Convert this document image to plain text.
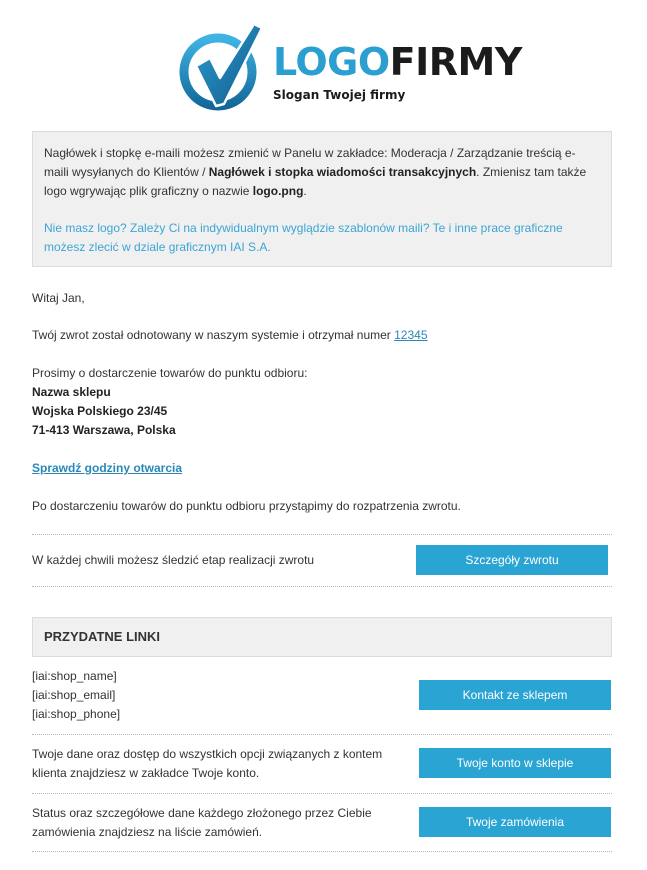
LOGOFIRMY
Slogan Twojej firmy

Nagłówek i stopkę e-maili możesz zmienić w Panelu w zakładce: Moderacja / Zarządzanie treścią e-maili wysyłanych do Klientów / Nagłówek i stopka wiadomości transakcyjnych. Zmienisz tam także logo wgrywając plik graficzny o nazwie logo.png.

Nie masz logo? Zależy Ci na indywidualnym wyglądzie szablonów maili? Te i inne prace graficzne możesz zlecić w dziale graficznym IAI S.A.

Witaj Jan,
Twój zwrot został odnotowany w naszym systemie i otrzymał numer 12345
Prosimy o dostarczenie towarów do punktu odbioru:
Nazwa sklepu
Wojska Polskiego 23/45
71-413 Warszawa, Polska
Sprawdź godziny otwarcia
Po dostarczeniu towarów do punktu odbioru przystąpimy do rozpatrzenia zwrotu.
W każdej chwili możesz śledzić etap realizacji zwrotu	Szczegóły zwrotu
PRZYDATNE LINKI
[iai:shop_name]
[iai:shop_email]
[iai:shop_phone]
Kontakt ze sklepem
Twoje dane oraz dostęp do wszystkich opcji związanych z kontem klienta znajdziesz w zakładce Twoje konto.
Twoje konto w sklepie
Status oraz szczegółowe dane każdego złożonego przez Ciebie zamówienia znajdziesz na liście zamówień.
Twoje zamówienia
